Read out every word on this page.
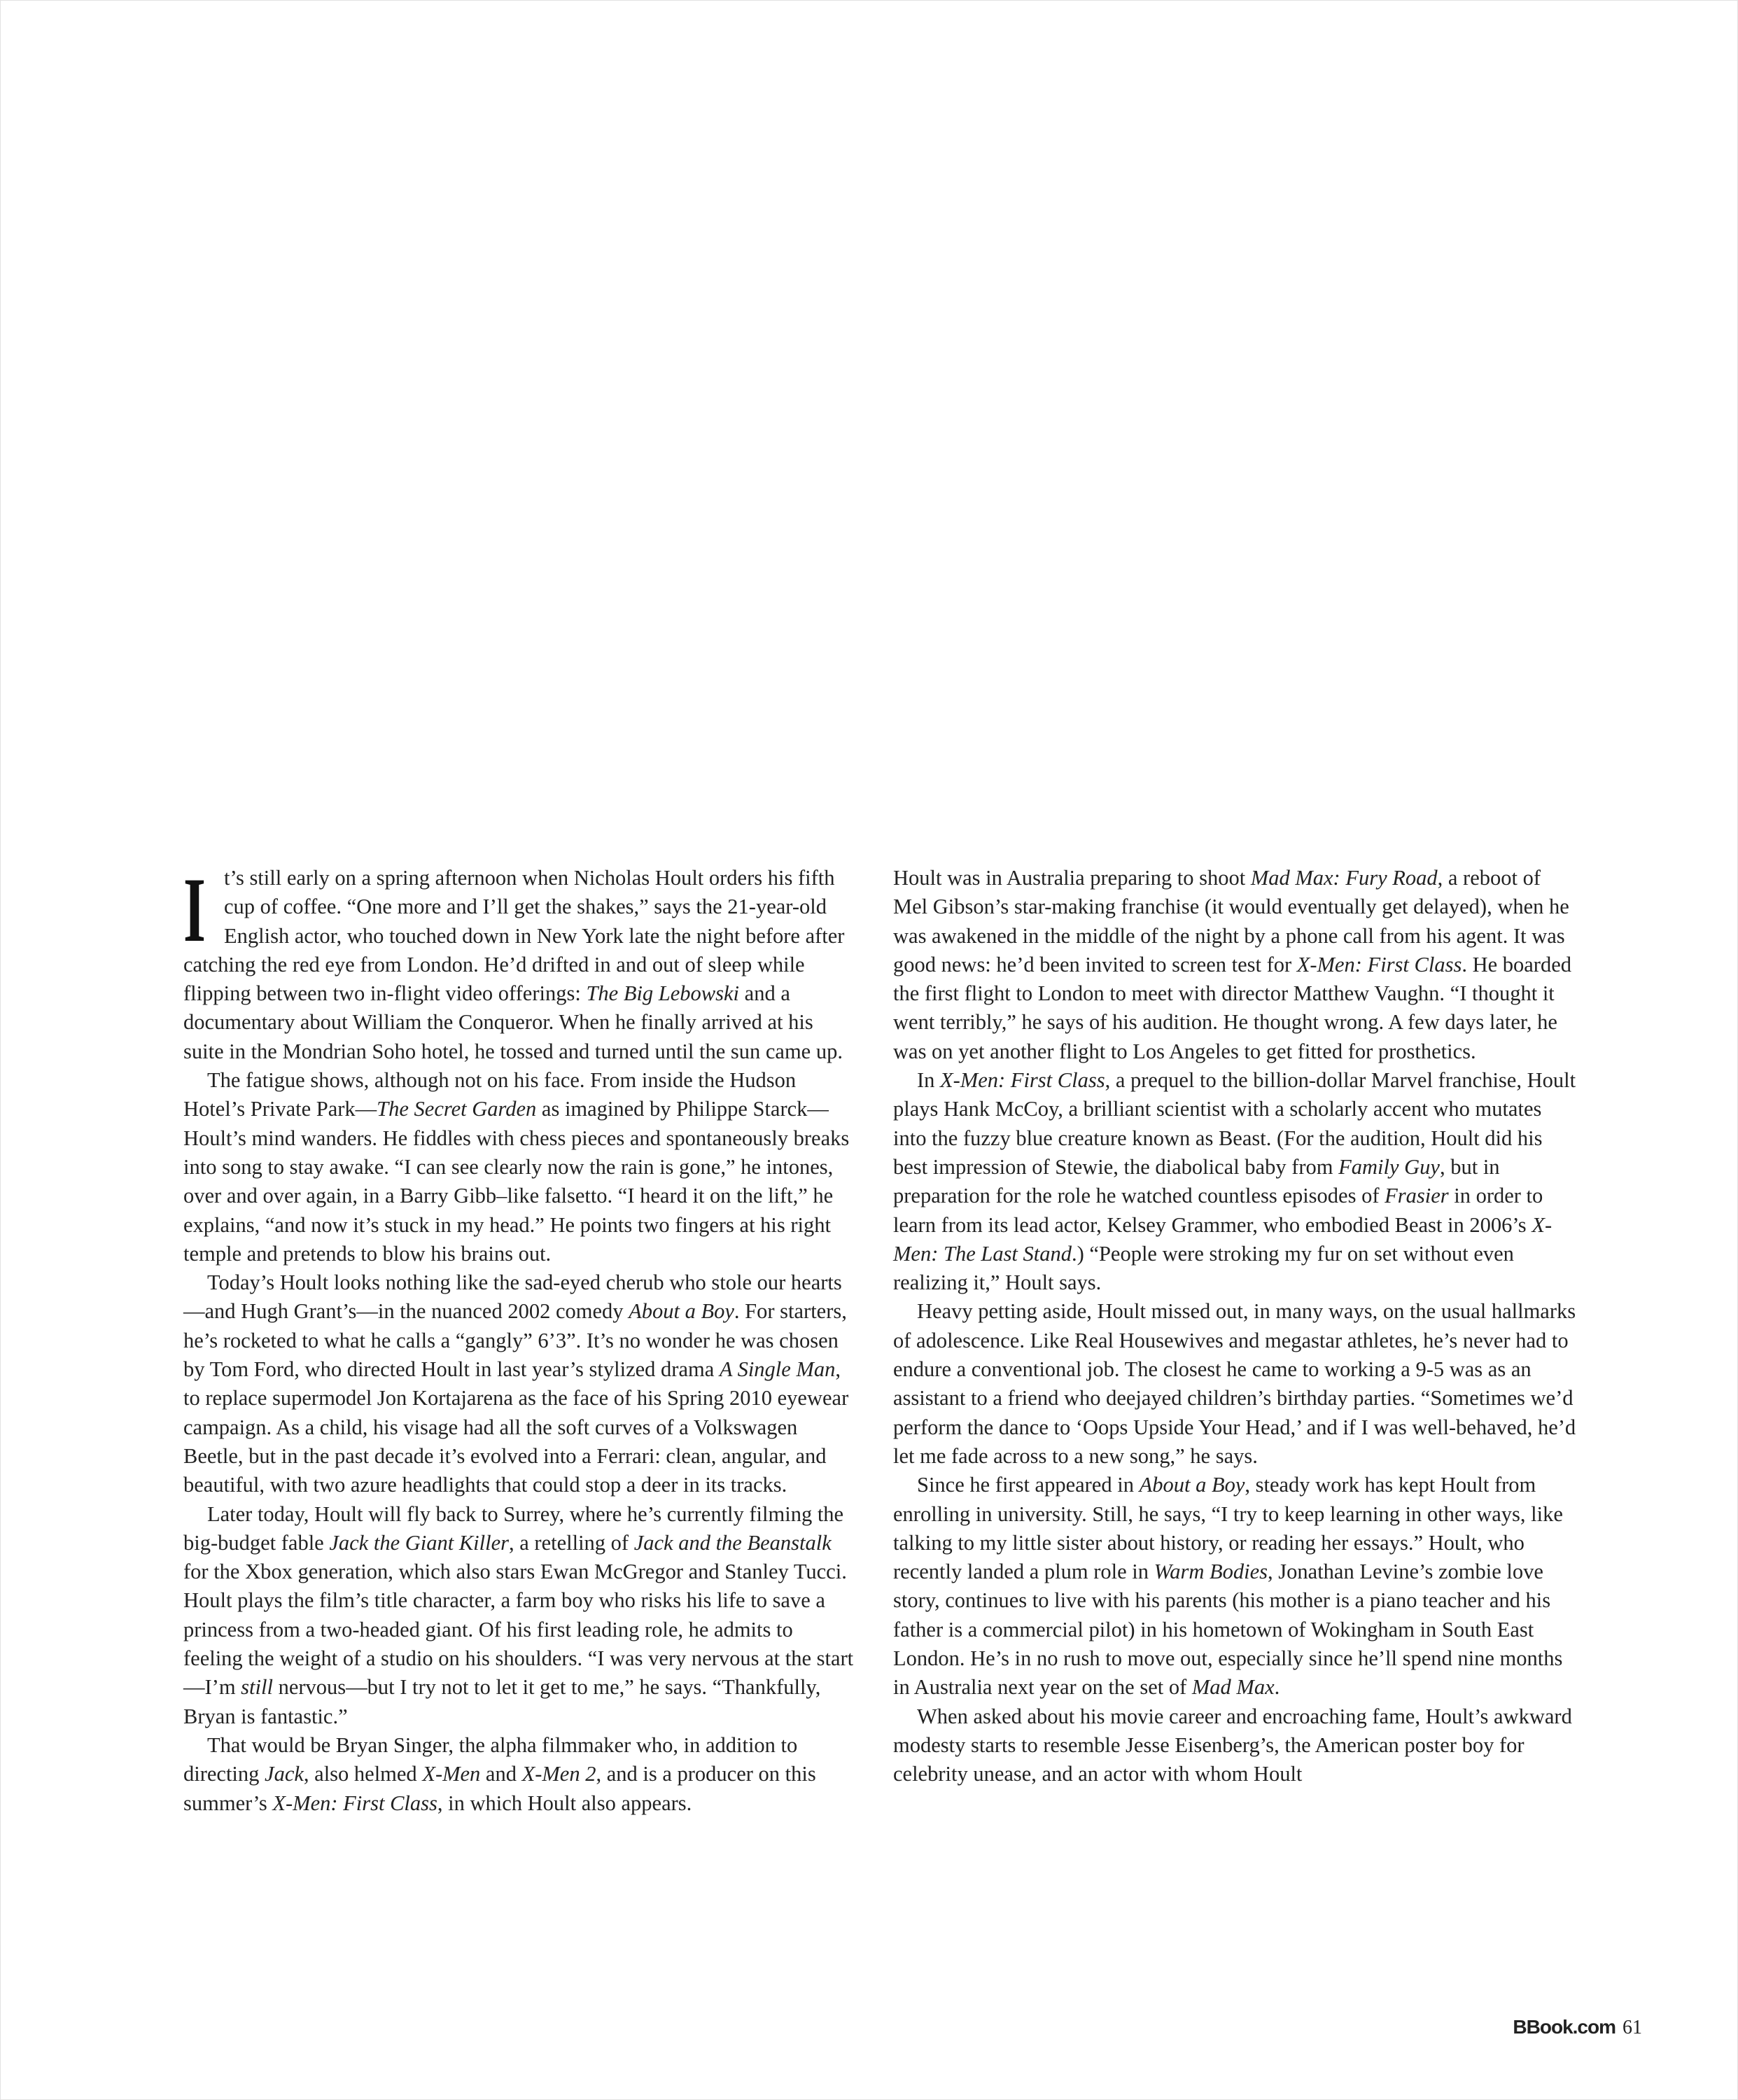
It’s still early on a spring afternoon when Nicholas Hoult orders his fifth cup of coffee. “One more and I’ll get the shakes,” says the 21-year-old English actor, who touched down in New York late the night before after catching the red eye from London. He’d drifted in and out of sleep while flipping between two in-flight video offerings: The Big Lebowski and a documentary about William the Conqueror. When he finally arrived at his suite in the Mondrian Soho hotel, he tossed and turned until the sun came up.

The fatigue shows, although not on his face. From inside the Hudson Hotel’s Private Park—The Secret Garden as imagined by Philippe Starck—Hoult’s mind wanders. He fiddles with chess pieces and spontaneously breaks into song to stay awake. “I can see clearly now the rain is gone,” he intones, over and over again, in a Barry Gibb–like falsetto. “I heard it on the lift,” he explains, “and now it’s stuck in my head.” He points two fingers at his right temple and pretends to blow his brains out.

Today’s Hoult looks nothing like the sad-eyed cherub who stole our hearts—and Hugh Grant’s—in the nuanced 2002 comedy About a Boy. For starters, he’s rocketed to what he calls a “gangly” 6’3”. It’s no wonder he was chosen by Tom Ford, who directed Hoult in last year’s stylized drama A Single Man, to replace supermodel Jon Kortajarena as the face of his Spring 2010 eyewear campaign. As a child, his visage had all the soft curves of a Volkswagen Beetle, but in the past decade it’s evolved into a Ferrari: clean, angular, and beautiful, with two azure headlights that could stop a deer in its tracks.

Later today, Hoult will fly back to Surrey, where he’s currently filming the big-budget fable Jack the Giant Killer, a retelling of Jack and the Beanstalk for the Xbox generation, which also stars Ewan McGregor and Stanley Tucci. Hoult plays the film’s title character, a farm boy who risks his life to save a princess from a two-headed giant. Of his first leading role, he admits to feeling the weight of a studio on his shoulders. “I was very nervous at the start—I’m still nervous—but I try not to let it get to me,” he says. “Thankfully, Bryan is fantastic.”

That would be Bryan Singer, the alpha filmmaker who, in addition to directing Jack, also helmed X-Men and X-Men 2, and is a producer on this summer’s X-Men: First Class, in which Hoult also appears.

Hoult was in Australia preparing to shoot Mad Max: Fury Road, a reboot of Mel Gibson’s star-making franchise (it would eventually get delayed), when he was awakened in the middle of the night by a phone call from his agent. It was good news: he’d been invited to screen test for X-Men: First Class. He boarded the first flight to London to meet with director Matthew Vaughn. “I thought it went terribly,” he says of his audition. He thought wrong. A few days later, he was on yet another flight to Los Angeles to get fitted for prosthetics.

In X-Men: First Class, a prequel to the billion-dollar Marvel franchise, Hoult plays Hank McCoy, a brilliant scientist with a scholarly accent who mutates into the fuzzy blue creature known as Beast. (For the audition, Hoult did his best impression of Stewie, the diabolical baby from Family Guy, but in preparation for the role he watched countless episodes of Frasier in order to learn from its lead actor, Kelsey Grammer, who embodied Beast in 2006’s X-Men: The Last Stand.) “People were stroking my fur on set without even realizing it,” Hoult says.

Heavy petting aside, Hoult missed out, in many ways, on the usual hallmarks of adolescence. Like Real Housewives and megastar athletes, he’s never had to endure a conventional job. The closest he came to working a 9-5 was as an assistant to a friend who deejayed children’s birthday parties. “Sometimes we’d perform the dance to ‘Oops Upside Your Head,’ and if I was well-behaved, he’d let me fade across to a new song,” he says.

Since he first appeared in About a Boy, steady work has kept Hoult from enrolling in university. Still, he says, “I try to keep learning in other ways, like talking to my little sister about history, or reading her essays.” Hoult, who recently landed a plum role in Warm Bodies, Jonathan Levine’s zombie love story, continues to live with his parents (his mother is a piano teacher and his father is a commercial pilot) in his hometown of Wokingham in South East London. He’s in no rush to move out, especially since he’ll spend nine months in Australia next year on the set of Mad Max.

When asked about his movie career and encroaching fame, Hoult’s awkward modesty starts to resemble Jesse Eisenberg’s, the American poster boy for celebrity unease, and an actor with whom Hoult

BBook.com 61
